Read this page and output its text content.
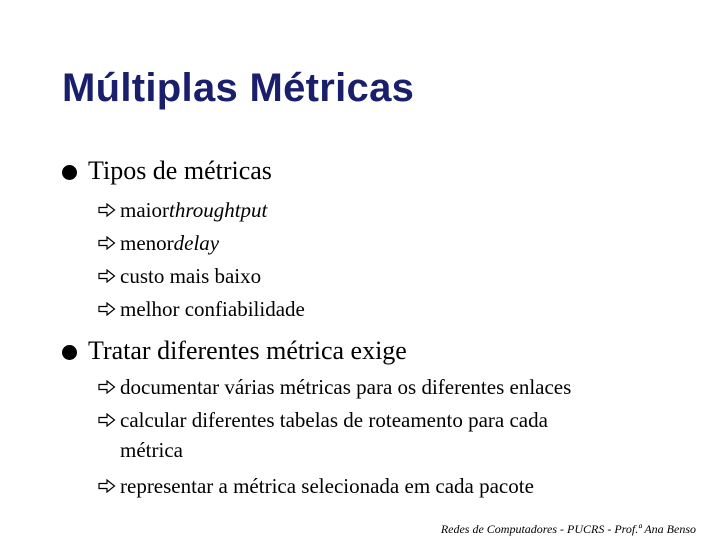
Múltiplas Métricas
Tipos de métricas
maior throughtput
menor delay
custo mais baixo
melhor confiabilidade
Tratar diferentes métrica exige
documentar várias métricas para os diferentes enlaces
calcular diferentes tabelas de roteamento para cada
métrica
representar a métrica selecionada em cada pacote
Redes de Computadores - PUCRS - Prof.ª Ana Benso
